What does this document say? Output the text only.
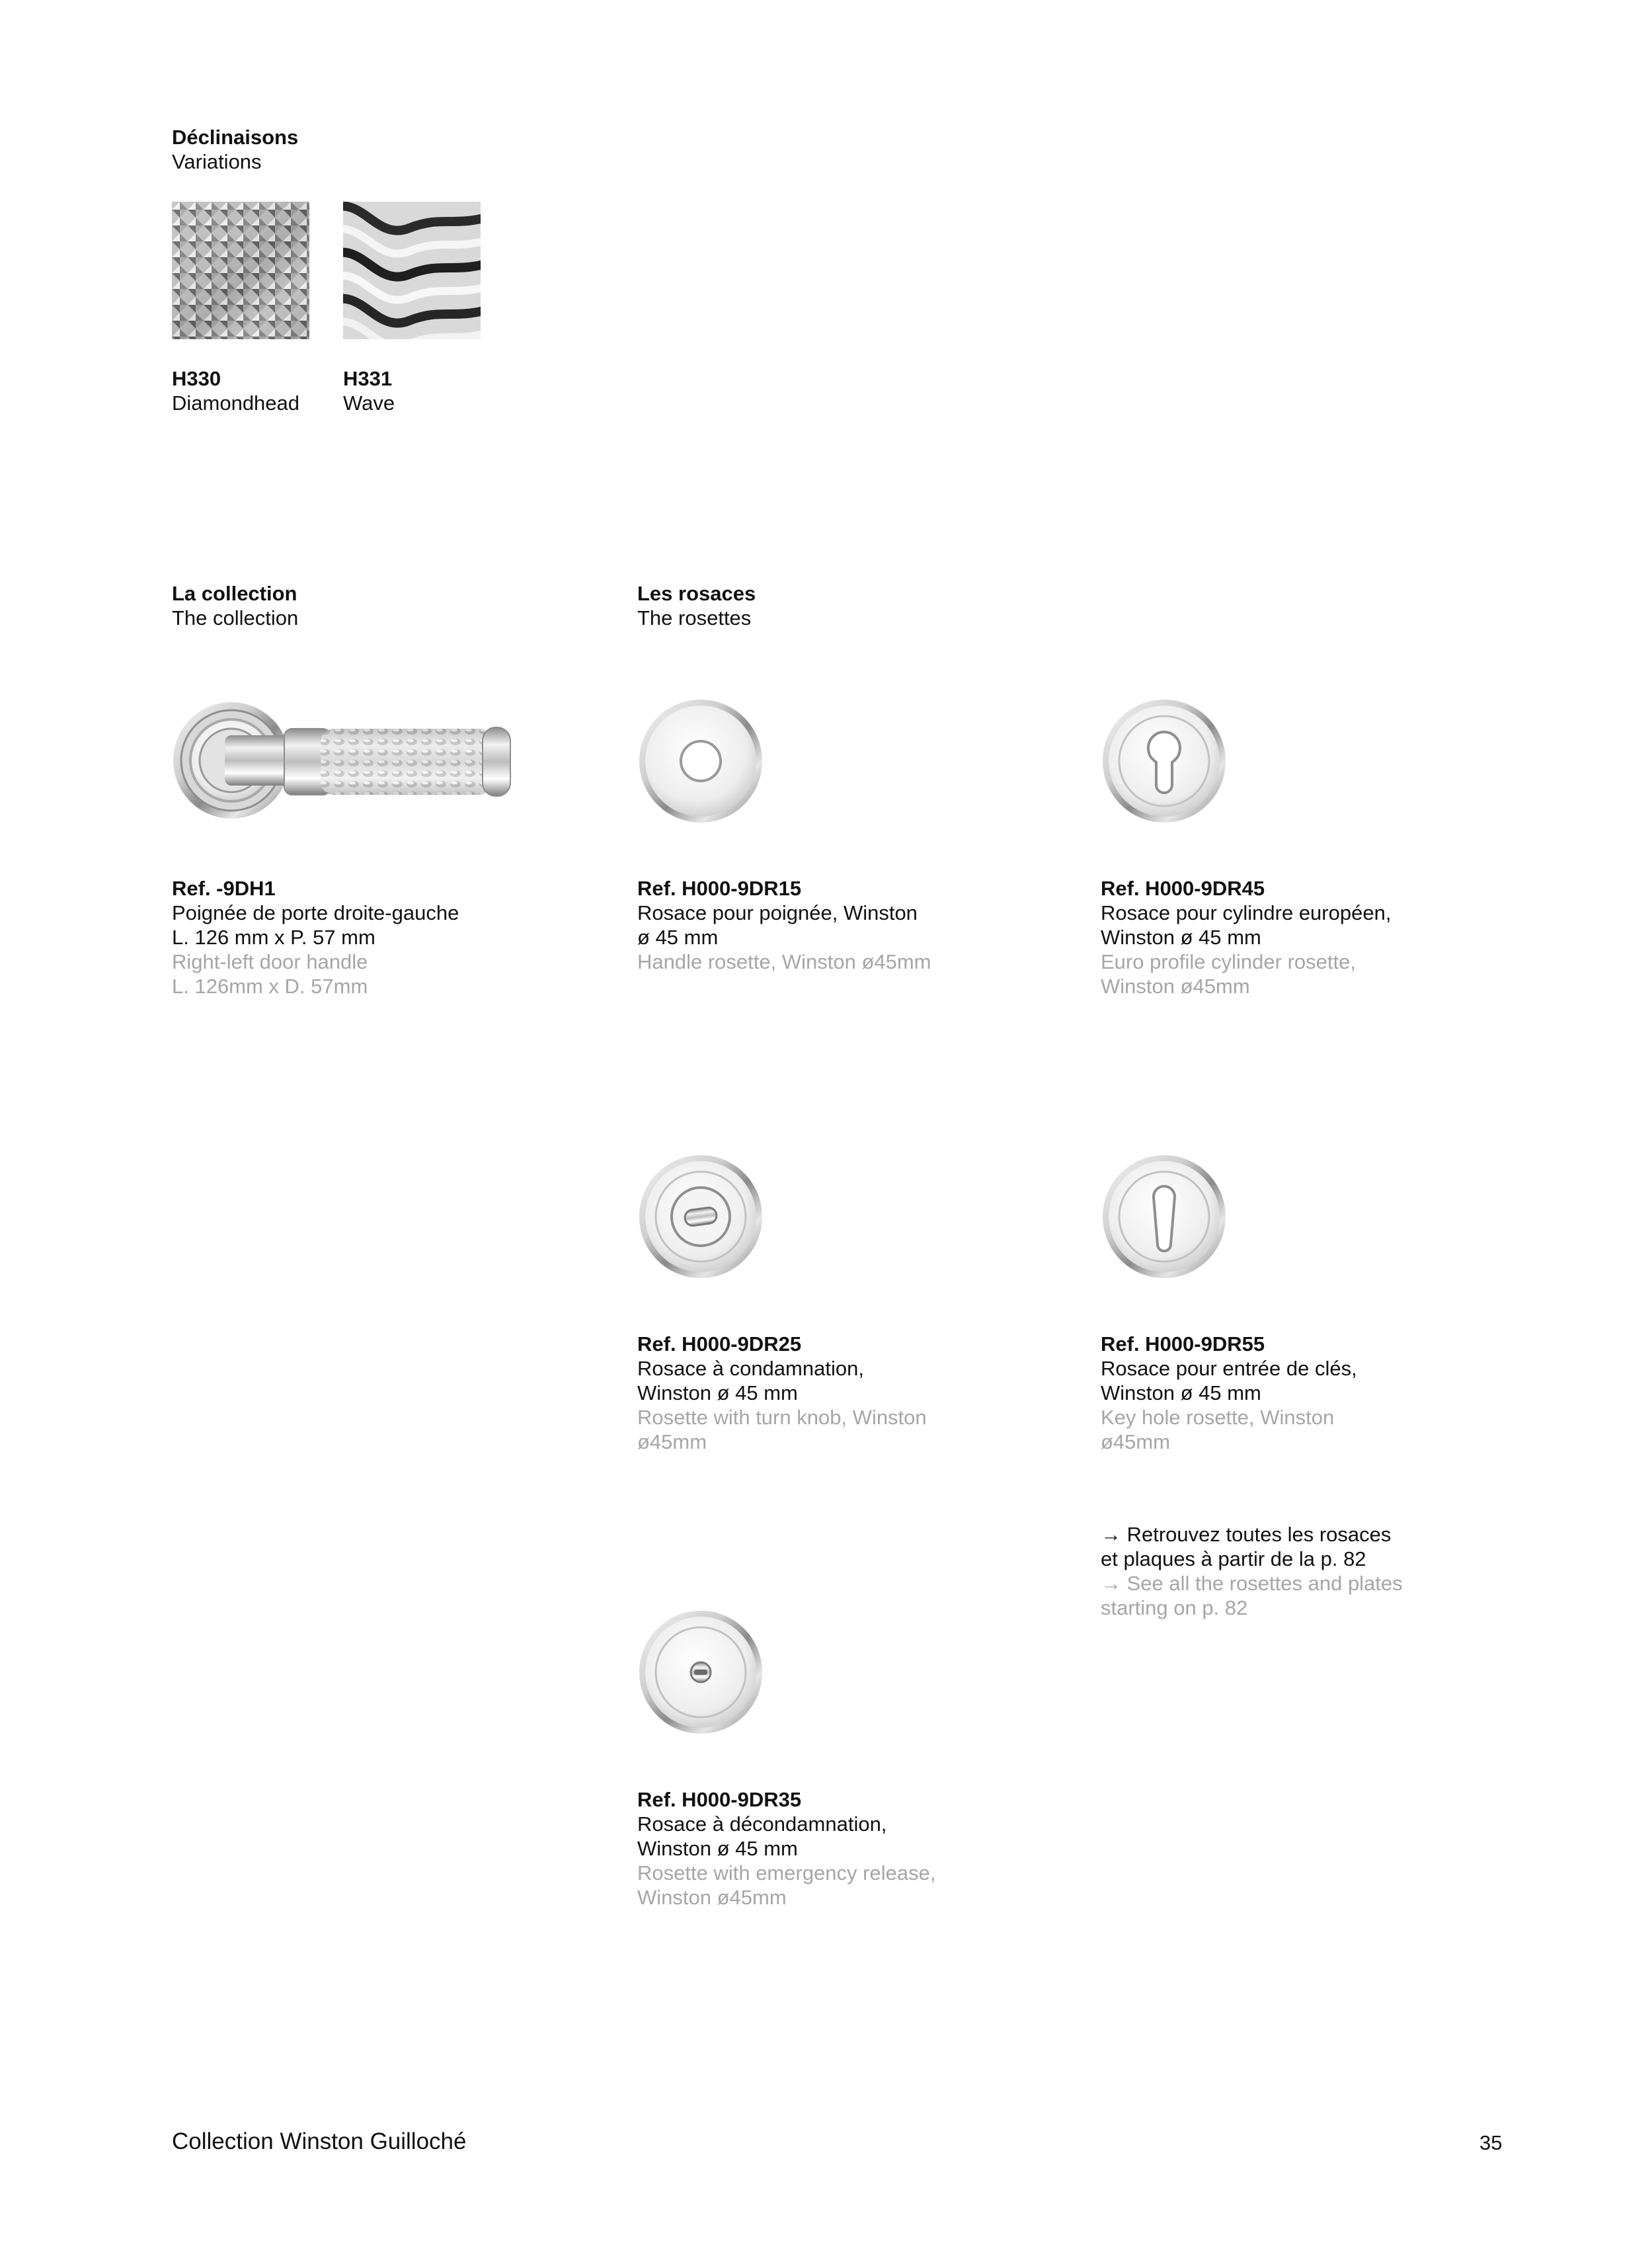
Déclinaisons
Variations
H330
Diamondhead
H331
Wave
La collection
The collection
Les rosaces
The rosettes
Ref. -9DH1
Poignée de porte droite-gauche
L. 126 mm x P. 57 mm
Right-left door handle
L. 126mm x D. 57mm
Ref. H000-9DR15
Rosace pour poignée, Winston
ø 45 mm
Handle rosette, Winston ø45mm
Ref. H000-9DR45
Rosace pour cylindre européen,
Winston ø 45 mm
Euro profile cylinder rosette,
Winston ø45mm
Ref. H000-9DR25
Rosace à condamnation,
Winston ø 45 mm
Rosette with turn knob, Winston
ø45mm
Ref. H000-9DR55
Rosace pour entrée de clés,
Winston ø 45 mm
Key hole rosette, Winston
ø45mm
→ Retrouvez toutes les rosaces
et plaques à partir de la p. 82
→ See all the rosettes and plates
starting on p. 82
Ref. H000-9DR35
Rosace à décondamnation,
Winston ø 45 mm
Rosette with emergency release,
Winston ø45mm
Collection Winston Guilloché	35
